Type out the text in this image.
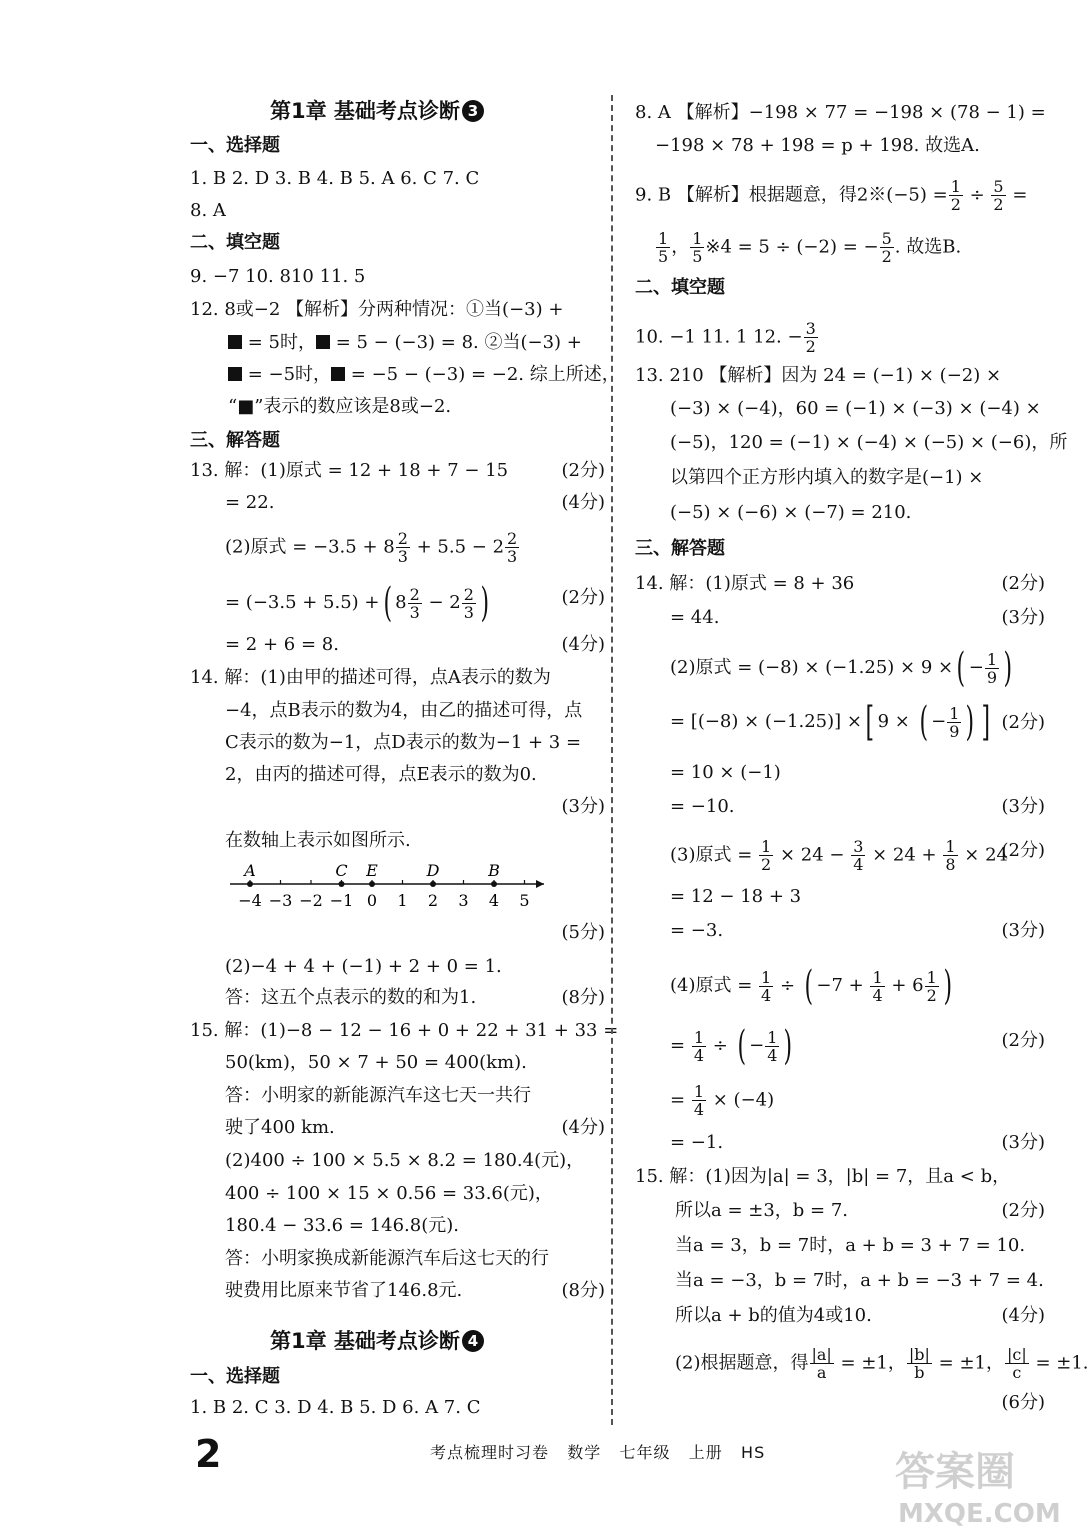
第1章 基础考点诊断 3
一、选择题
1. B 2. D 3. B 4. B 5. A 6. C 7. C
8. A
二、填空题
9. −7 10. 810 11. 5
12. 8或−2 【解析】分两种情况：①当(−3) +
= 5时， = 5 − (−3) = 8. ②当(−3) +
= −5时， = −5 − (−3) = −2. 综上所述，
“■”表示的数应该是8或−2.
三、解答题
13. 解：(1)原式 = 12 + 18 + 7 − 15	(2分)
= 22.	(4分)
(2)原式 = $-3.5 + 8 \frac{2}{3} + 5.5 - 2 \frac{2}{3}$
= (−3.5 + 5.5) +( $8 \frac{2}{3} - 2 \frac{2}{3}$ )	(2分)
= 2 + 6 = 8.	(4分)
14. 解：(1)由甲的描述可得，点A表示的数为
−4，点B表示的数为4，由乙的描述可得，点
C表示的数为−1，点D表示的数为−1 + 3 =
2，由丙的描述可得，点E表示的数为0.
(3分)
在数轴上表示如图所示.
−4 −3 −2 −1 0 1 2 3 4 5
A	C E	D	B
(5分)
(2)−4 + 4 + (−1) + 2 + 0 = 1.
答：这五个点表示的数的和为1.	(8分)
15. 解：(1)−8 − 12 − 16 + 0 + 22 + 31 + 33 =
50(km)，50 × 7 + 50 = 400(km).
答：小明家的新能源汽车这七天一共行
驶了400 km.	(4分)
(2)400 ÷ 100 × 5.5 × 8.2 = 180.4(元)，
400 ÷ 100 × 15 × 0.56 = 33.6(元)，
180.4 − 33.6 = 146.8(元).
答：小明家换成新能源汽车后这七天的行
驶费用比原来节省了146.8元.	(8分)
第1章 基础考点诊断 4
一、选择题
1. B 2. C 3. D 4. B 5. D 6. A 7. C
8. A 【解析】−198 × 77 = −198 × (78 − 1) =
−198 × 78 + 198 = p + 198. 故选A.
9. B 【解析】根据题意，得2※(−5) = $\frac{1}{2} \div \frac{5}{2}$ =
$\frac{1}{5}$ ， $\frac{1}{5}$ ※4 = 5 ÷ (−2) = − $\frac{5}{2}$ . 故选B.
二、填空题
10. −1 11. 1 12. − $\frac{3}{2}$
13. 210 【解析】因为 24 = (−1) × (−2) ×
(−3) × (−4)，60 = (−1) × (−3) × (−4) ×
(−5)，120 = (−1) × (−4) × (−5) × (−6)，所
以第四个正方形内填入的数字是(−1) ×
(−5) × (−6) × (−7) = 210.
三、解答题
14. 解：(1)原式 = 8 + 36	(2分)
= 44.	(3分)
(2)原式 = (−8) × (−1.25) × 9 ×( − $\frac{1}{9}$ )
= [(−8) × (−1.25)] ×[ 9 × ( − $\frac{1}{9}$ ) ] (2分)
= 10 × (−1)
= −10.	(3分)
(3)原式 = $\frac{1}{2} \times 24 - \frac{3}{4} \times 24 + \frac{1}{8} \times 24$
(2分)
= 12 − 18 + 3
= −3.	(3分)
(4)原式 = $\frac{1}{4}$ ÷ ( $-7 + \frac{1}{4} + 6 \frac{1}{2}$ )
= $\frac{1}{4}$ ÷ ( − $\frac{1}{4}$ )	(2分)
= $\frac{1}{4} \times (-4)$
= −1.	(3分)
15. 解：(1)因为|a| = 3，|b| = 7，且a < b，
所以a = ±3，b = 7.	(2分)
当a = 3，b = 7时，a + b = 3 + 7 = 10.
当a = −3，b = 7时，a + b = −3 + 7 = 4.
所以a + b的值为4或10.	(4分)
(2)根据题意，得 $\frac{|a|}{a} = \pm 1$， $\frac{|b|}{b} = \pm 1$， $\frac{|c|}{c} = \pm 1$.
(6分)
2	考点梳理时习卷   数学   七年级   上册   HS	答案圈
MXQE.COM
